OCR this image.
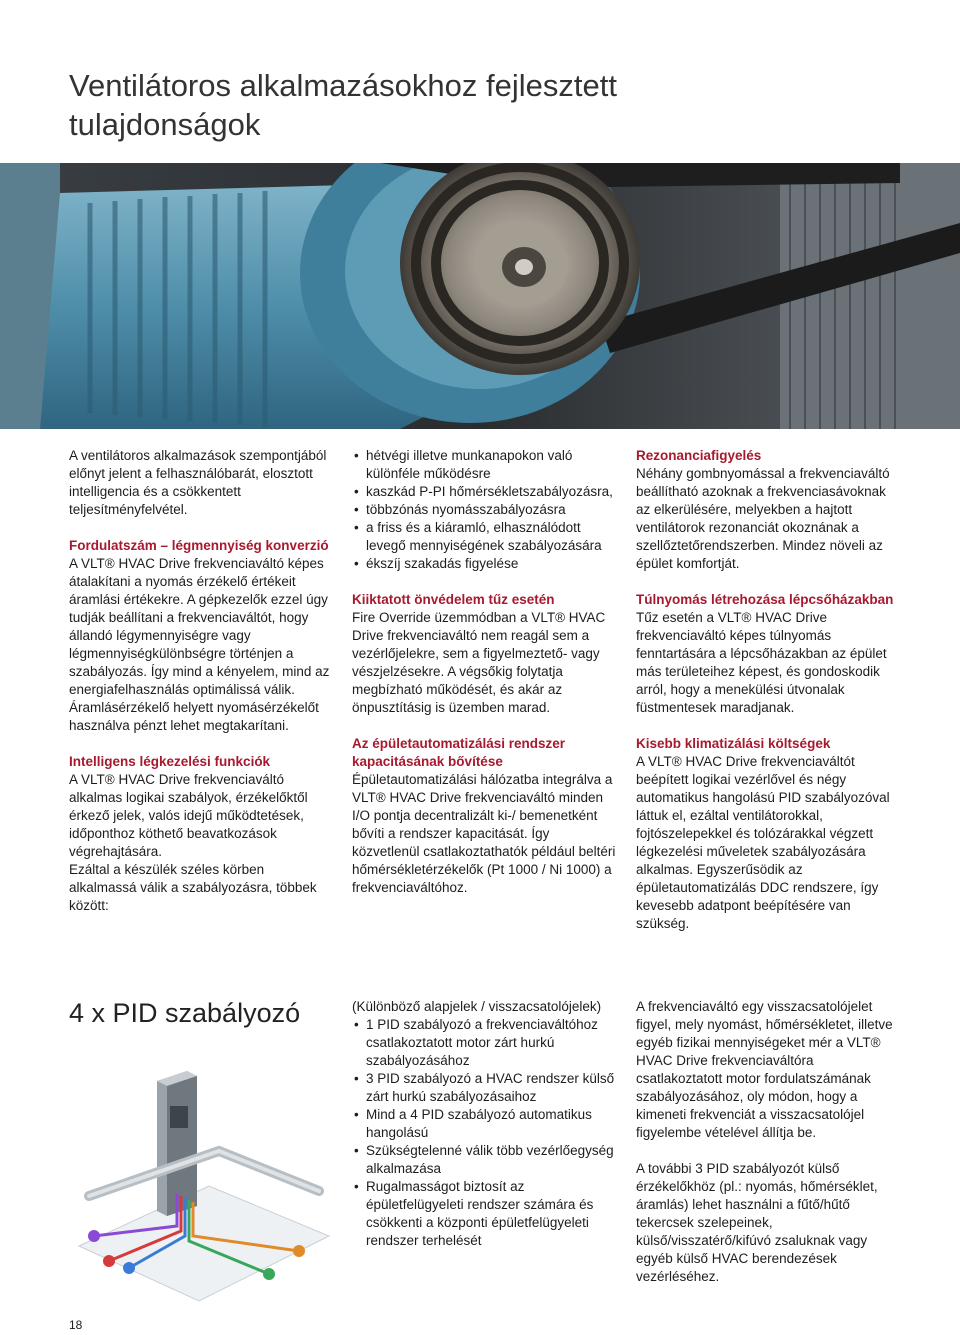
Ventilátoros alkalmazásokhoz fejlesztett
tulajdonságok

A ventilátoros alkalmazások szempontjából előnyt jelent a felhasználóbarát, elosztott intelligencia és a csökkentett teljesítményfelvétel.

Fordulatszám – légmennyiség konverzió

A VLT® HVAC Drive frekvenciaváltó képes átalakítani a nyomás érzékelő értékeit áramlási értékekre. A gépkezelők ezzel úgy tudják beállítani a frekvenciaváltót, hogy állandó légymennyiségre vagy légmennyiségkülönbségre történjen a szabályozás. Így mind a kényelem, mind az energiafelhasználás optimálissá válik. Áramlásérzékelő helyett nyomásérzékelőt használva pénzt lehet megtakarítani.

Intelligens légkezelési funkciók

A VLT® HVAC Drive frekvenciaváltó alkalmas logikai szabályok, érzékelőktől érkező jelek, valós idejű működtetések, időponthoz köthető beavatkozások végrehajtására.

Ezáltal a készülék széles körben alkalmassá válik a szabályozásra, többek között:

• hétvégi illetve munkanapokon való különféle működésre
• kaszkád P-PI hőmérsékletszabályozásra,
• többzónás nyomásszabályozásra
• a friss és a kiáramló, elhasználódott levegő mennyiségének szabályozására
• ékszíj szakadás figyelése
Kiiktatott önvédelem tűz esetén

Fire Override üzemmódban a VLT® HVAC Drive frekvenciaváltó nem reagál sem a vezérlőjelekre, sem a figyelmeztető- vagy vészjelzésekre. A végsőkig folytatja megbízható működését, és akár az önpusztításig is üzemben marad.

Az épületautomatizálási rendszer kapacitásának bővítése

Épületautomatizálási hálózatba integrálva a VLT® HVAC Drive frekvenciaváltó minden I/O pontja decentralizált ki-/ bemenetként bővíti a rendszer kapacitását. Így közvetlenül csatlakoztathatók például beltéri hőmérsékletérzékelők (Pt 1000 / Ni 1000) a frekvenciaváltóhoz.

Rezonanciafigyelés

Néhány gombnyomással a frekvenciaváltó beállítható azoknak a frekvenciasávoknak az elkerülésére, melyekben a hajtott ventilátorok rezonanciát okoznának a szellőztetőrendszerben. Mindez növeli az épület komfortját.

Túlnyomás létrehozása lépcsőházakban

Tűz esetén a VLT® HVAC Drive frekvenciaváltó képes túlnyomás fenntartására a lépcsőházakban az épület más területeihez képest, és gondoskodik arról, hogy a menekülési útvonalak füstmentesek maradjanak.

Kisebb klimatizálási költségek

A VLT® HVAC Drive frekvenciaváltót beépített logikai vezérlővel és négy automatikus hangolású PID szabályozóval láttuk el, ezáltal ventilátorokkal, fojtószelepekkel és tolózárakkal végzett légkezelési műveletek szabályozására alkalmas. Egyszerűsödik az épületautomatizálás DDC rendszere, így kevesebb adatpont beépítésére van szükség.

4 x PID szabályozó	(Különböző alapjelek / visszacsatolójelek)

• 1 PID szabályozó a frekvenciaváltóhoz csatlakoztatott motor zárt hurkú szabályozásához
• 3 PID szabályozó a HVAC rendszer külső zárt hurkú szabályozásaihoz
• Mind a 4 PID szabályozó automatikus hangolású
• Szükségtelenné válik több vezérlőegység alkalmazása
• Rugalmasságot biztosít az épületfelügyeleti rendszer számára és csökkenti a központi épületfelügyeleti rendszer terhelését

A frekvenciaváltó egy visszacsatolójelet figyel, mely nyomást, hőmérsékletet, illetve egyéb fizikai mennyiségeket mér a VLT® HVAC Drive frekvenciaváltóra csatlakoztatott motor fordulatszámának szabályozásához, oly módon, hogy a kimeneti frekvenciát a visszacsatolójel figyelembe vételével állítja be.

A további 3 PID szabályozót külső érzékelőkhöz (pl.: nyomás, hőmérséklet, áramlás) lehet használni a fűtő/hűtő tekercsek szelepeinek, külső/visszatérő/kifúvó zsaluknak vagy egyéb külső HVAC berendezések vezérléséhez.

18
